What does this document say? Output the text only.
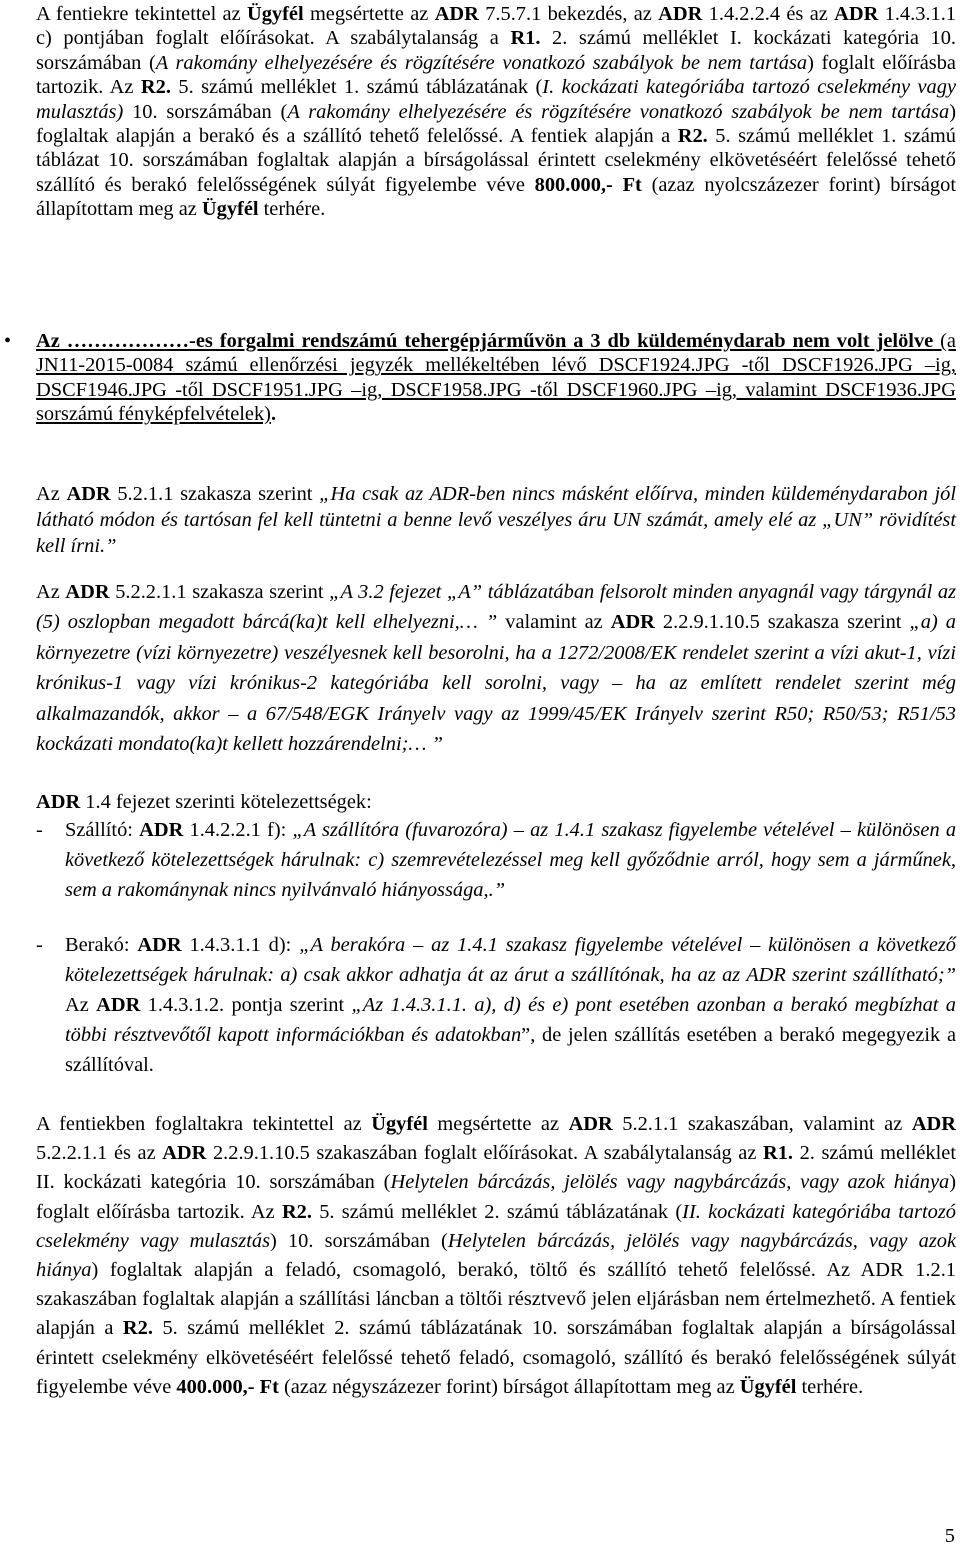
A fentiekre tekintettel az Ügyfél megsértette az ADR 7.5.7.1 bekezdés, az ADR 1.4.2.2.4 és az ADR 1.4.3.1.1 c) pontjában foglalt előírásokat. A szabálytalanság a R1. 2. számú melléklet I. kockázati kategória 10. sorszámában (A rakomány elhelyezésére és rögzítésére vonatkozó szabályok be nem tartása) foglalt előírásba tartozik. Az R2. 5. számú melléklet 1. számú táblázatának (I. kockázati kategóriába tartozó cselekmény vagy mulasztás) 10. sorszámában (A rakomány elhelyezésére és rögzítésére vonatkozó szabályok be nem tartása) foglaltak alapján a berakó és a szállító tehető felelőssé. A fentiek alapján a R2. 5. számú melléklet 1. számú táblázat 10. sorszámában foglaltak alapján a bírságolással érintett cselekmény elkövetéséért felelőssé tehető szállító és berakó felelősségének súlyát figyelembe véve 800.000,- Ft (azaz nyolcszázezer forint) bírságot állapítottam meg az Ügyfél terhére.

• Az ………………-es forgalmi rendszámú tehergépjárművön a 3 db küldeménydarab nem volt jelölve (a JN11-2015-0084 számú ellenőrzési jegyzék mellékeltében lévő DSCF1924.JPG -től DSCF1926.JPG –ig, DSCF1946.JPG -től DSCF1951.JPG –ig, DSCF1958.JPG -től DSCF1960.JPG –ig, valamint DSCF1936.JPG sorszámú fényképfelvételek).

Az ADR 5.2.1.1 szakasza szerint „Ha csak az ADR-ben nincs másként előírva, minden küldeménydarabon jól látható módon és tartósan fel kell tüntetni a benne levő veszélyes áru UN számát, amely elé az „UN” rövidítést kell írni.”

Az ADR 5.2.2.1.1 szakasza szerint „A 3.2 fejezet „A” táblázatában felsorolt minden anyagnál vagy tárgynál az (5) oszlopban megadott bárcá(ka)t kell elhelyezni,… ” valamint az ADR 2.2.9.1.10.5 szakasza szerint „a) a környezetre (vízi környezetre) veszélyesnek kell besorolni, ha a 1272/2008/EK rendelet szerint a vízi akut-1, vízi krónikus-1 vagy vízi krónikus-2 kategóriába kell sorolni, vagy – ha az említett rendelet szerint még alkalmazandók, akkor – a 67/548/EGK Irányelv vagy az 1999/45/EK Irányelv szerint R50; R50/53; R51/53 kockázati mondato(ka)t kellett hozzárendelni;… ”

ADR 1.4 fejezet szerinti kötelezettségek:

- Szállító: ADR 1.4.2.2.1 f): „A szállítóra (fuvarozóra) – az 1.4.1 szakasz figyelembe vételével – különösen a következő kötelezettségek hárulnak: c) szemrevételezéssel meg kell győződnie arról, hogy sem a járműnek, sem a rakománynak nincs nyilvánvaló hiányossága,.”
- Berakó: ADR 1.4.3.1.1 d): „A berakóra – az 1.4.1 szakasz figyelembe vételével – különösen a következő kötelezettségek hárulnak: a) csak akkor adhatja át az árut a szállítónak, ha az az ADR szerint szállítható;” Az ADR 1.4.3.1.2. pontja szerint „Az 1.4.3.1.1. a), d) és e) pont esetében azonban a berakó megbízhat a többi résztvevőtől kapott információkban és adatokban”, de jelen szállítás esetében a berakó megegyezik a szállítóval.

A fentiekben foglaltakra tekintettel az Ügyfél megsértette az ADR 5.2.1.1 szakaszában, valamint az ADR 5.2.2.1.1 és az ADR 2.2.9.1.10.5 szakaszában foglalt előírásokat. A szabálytalanság az R1. 2. számú melléklet II. kockázati kategória 10. sorszámában (Helytelen bárcázás, jelölés vagy nagybárcázás, vagy azok hiánya) foglalt előírásba tartozik. Az R2. 5. számú melléklet 2. számú táblázatának (II. kockázati kategóriába tartozó cselekmény vagy mulasztás) 10. sorszámában (Helytelen bárcázás, jelölés vagy nagybárcázás, vagy azok hiánya) foglaltak alapján a feladó, csomagoló, berakó, töltő és szállító tehető felelőssé. Az ADR 1.2.1 szakaszában foglaltak alapján a szállítási láncban a töltői résztvevő jelen eljárásban nem értelmezhető. A fentiek alapján a R2. 5. számú melléklet 2. számú táblázatának 10. sorszámában foglaltak alapján a bírságolással érintett cselekmény elkövetéséért felelőssé tehető feladó, csomagoló, szállító és berakó felelősségének súlyát figyelembe véve 400.000,- Ft (azaz négyszázezer forint) bírságot állapítottam meg az Ügyfél terhére.

5
